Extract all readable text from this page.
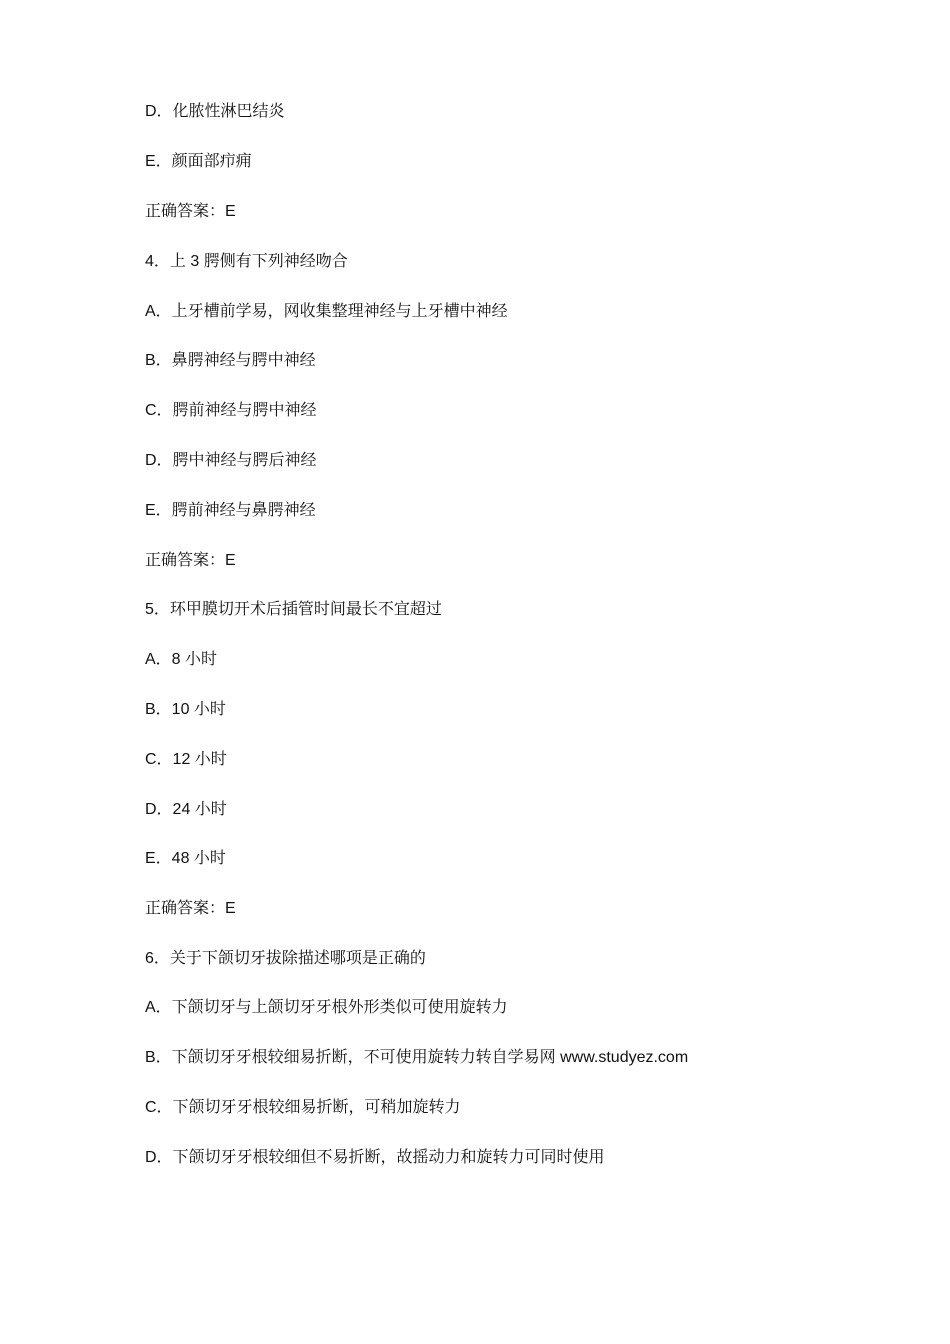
D．化脓性淋巴结炎
E．颜面部疖痈
正确答案：E
4．上 3 腭侧有下列神经吻合
A．上牙槽前学易，网收集整理神经与上牙槽中神经
B．鼻腭神经与腭中神经
C．腭前神经与腭中神经
D．腭中神经与腭后神经
E．腭前神经与鼻腭神经
正确答案：E
5．环甲膜切开术后插管时间最长不宜超过
A．8 小时
B．10 小时
C．12 小时
D．24 小时
E．48 小时
正确答案：E
6．关于下颌切牙拔除描述哪项是正确的
A．下颌切牙与上颌切牙牙根外形类似可使用旋转力
B．下颌切牙牙根较细易折断，不可使用旋转力转自学易网 www.studyez.com
C．下颌切牙牙根较细易折断，可稍加旋转力
D．下颌切牙牙根较细但不易折断，故摇动力和旋转力可同时使用
